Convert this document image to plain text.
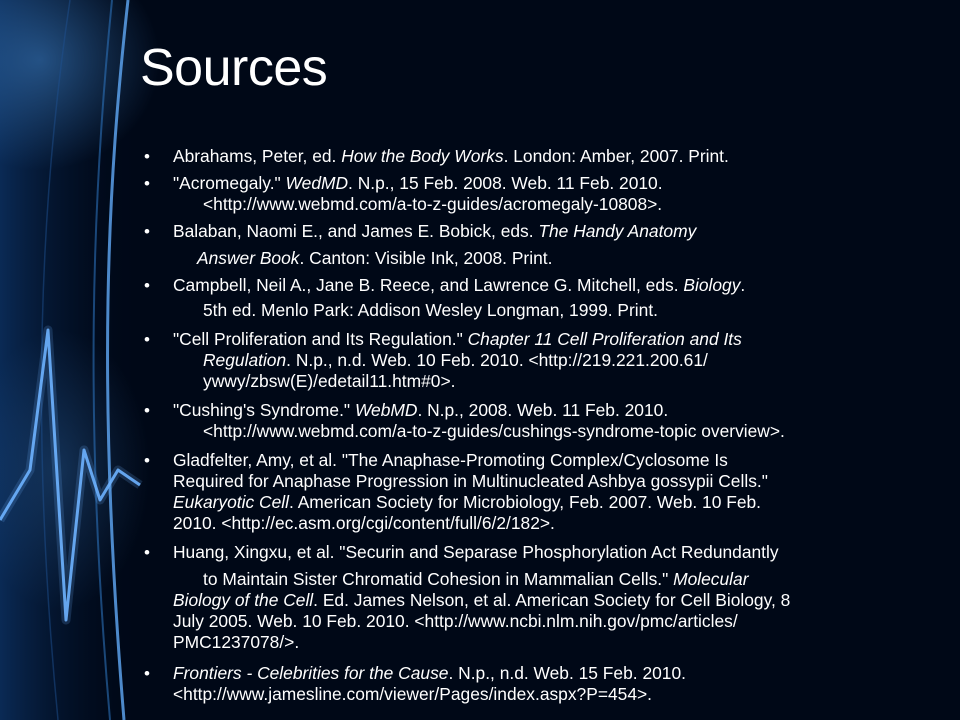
Sources
• Abrahams, Peter, ed. How the Body Works. London: Amber, 2007. Print.
• "Acromegaly." WedMD. N.p., 15 Feb. 2008. Web. 11 Feb. 2010.
<http://www.webmd.com/a-to-z-guides/acromegaly-10808>.
• Balaban, Naomi E., and James E. Bobick, eds. The Handy Anatomy
Answer Book. Canton: Visible Ink, 2008. Print.
• Campbell, Neil A., Jane B. Reece, and Lawrence G. Mitchell, eds. Biology.
5th ed. Menlo Park: Addison Wesley Longman, 1999. Print.
• "Cell Proliferation and Its Regulation." Chapter 11 Cell Proliferation and Its
Regulation. N.p., n.d. Web. 10 Feb. 2010. <http://219.221.200.61/
ywwy/zbsw(E)/edetail11.htm#0>.
• "Cushing's Syndrome." WebMD. N.p., 2008. Web. 11 Feb. 2010.
<http://www.webmd.com/a-to-z-guides/cushings-syndrome-topic overview>.
• Gladfelter, Amy, et al. "The Anaphase-Promoting Complex/Cyclosome Is
Required for Anaphase Progression in Multinucleated Ashbya gossypii Cells."
Eukaryotic Cell. American Society for Microbiology, Feb. 2007. Web. 10 Feb.
2010. <http://ec.asm.org/cgi/content/full/6/2/182>.
• Huang, Xingxu, et al. "Securin and Separase Phosphorylation Act Redundantly
to Maintain Sister Chromatid Cohesion in Mammalian Cells." Molecular
Biology of the Cell. Ed. James Nelson, et al. American Society for Cell Biology, 8
July 2005. Web. 10 Feb. 2010. <http://www.ncbi.nlm.nih.gov/pmc/articles/
PMC1237078/>.
• Frontiers - Celebrities for the Cause. N.p., n.d. Web. 15 Feb. 2010.
<http://www.jamesline.com/viewer/Pages/index.aspx?P=454>.
